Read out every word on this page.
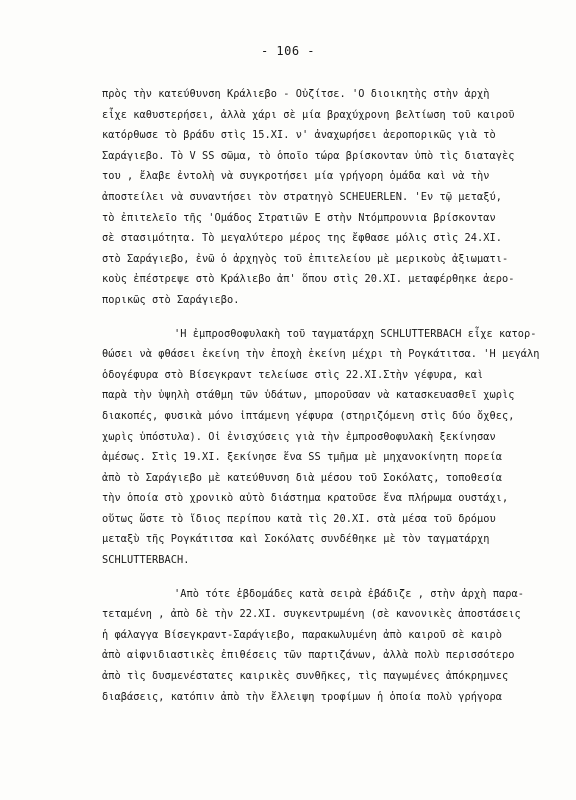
- 106 -
πρὸς τὴν κατεύθυνση Κράλιεβο - Οὐζίτσε. 'Ο διοικητὴς στὴν ἀρχὴ
εἶχε καθυστερήσει, ἀλλὰ χάρι σὲ μία βραχύχρονη βελτίωση τοῦ καιροῦ
κατόρθωσε τὸ βράδυ στὶς 15.XI. ν' ἀναχωρήσει ἀεροπορικῶς γιὰ τὸ
Σαράγιεβο. Τὸ V SS σῶμα, τὸ ὁποῖο τώρα βρίσκονταν ὑπὸ τὶς διαταγὲς
του , ἔλαβε ἐντολὴ νὰ συγκροτήσει μία γρήγορη ὁμάδα καὶ νὰ τὴν
ἀποστείλει νὰ συναντήσει τὸν στρατηγὸ SCHEUERLEN. 'Εν τῷ μεταξύ,
τὸ ἐπιτελεῖο τῆς 'Ομάδος Στρατιῶν Ε στὴν Ντόμπρουνια βρίσκονταν
σὲ στασιμότητα. Τὸ μεγαλύτερο μέρος της ἔφθασε μόλις στὶς 24.XI.
στὸ Σαράγιεβο, ἐνῶ ὁ ἀρχηγὸς τοῦ ἐπιτελείου μὲ μερικοὺς ἀξιωματι-
κοὺς ἐπέστρεψε στὸ Κράλιεβο ἀπ' ὅπου στὶς 20.XI. μεταφέρθηκε ἀερο-
πορικῶς στὸ Σαράγιεβο.
'Η ἐμπροσθοφυλακὴ τοῦ ταγματάρχη SCHLUTTERBACH εἶχε κατορ-
θώσει νὰ φθάσει ἐκείνη τὴν ἐποχὴ ἐκείνη μέχρι τὴ Ρογκάτιτσα. 'Η μεγάλη
ὁδογέφυρα στὸ Βίσεγκραντ τελείωσε στὶς 22.XI.Στὴν γέφυρα, καὶ
παρὰ τὴν ὑψηλὴ στάθμη τῶν ὑδάτων, μποροῦσαν νὰ κατασκευασθεῖ χωρὶς
διακοπές, φυσικὰ μόνο ἱπτάμενη γέφυρα (στηριζόμενη στὶς δύο ὄχθες,
χωρὶς ὑπόστυλα). Οἱ ἐνισχύσεις γιὰ τὴν ἐμπροσθοφυλακὴ ξεκίνησαν
ἀμέσως. Στὶς 19.XI. ξεκίνησε ἕνα SS τμῆμα μὲ μηχανοκίνητη πορεία
ἀπὸ τὸ Σαράγιεβο μὲ κατεύθυνση διὰ μέσου τοῦ Σοκόλατς, τοποθεσία
τὴν ὁποία στὸ χρονικὸ αὐτὸ διάστημα κρατοῦσε ἕνα πλήρωμα ουστάχι,
οὕτως ὥστε τὸ ἴδιος περίπου κατὰ τὶς 20.XI. στὰ μέσα τοῦ δρόμου
μεταξὺ τῆς Ρογκάτιτσα καὶ Σοκόλατς συνδέθηκε μὲ τὸν ταγματάρχη
SCHLUTTERBACH.
'Απὸ τότε ἑβδομάδες κατὰ σειρὰ ἐβάδιζε , στὴν ἀρχὴ παρα-
τεταμένη , ἀπὸ δὲ τὴν 22.XI. συγκεντρωμένη (σὲ κανονικὲς ἀποστάσεις
ἡ φάλαγγα Βίσεγκραντ-Σαράγιεβο, παρακωλυμένη ἀπὸ καιροῦ σὲ καιρὸ
ἀπὸ αἰφνιδιαστικὲς ἐπιθέσεις τῶν παρτιζάνων, ἀλλὰ πολὺ περισσότερο
ἀπὸ τὶς δυσμενέστατες καιρικὲς συνθῆκες, τὶς παγωμένες ἀπόκρημνες
διαβάσεις, κατόπιν ἀπὸ τὴν ἔλλειψη τροφίμων ἡ ὁποία πολὺ γρήγορα
